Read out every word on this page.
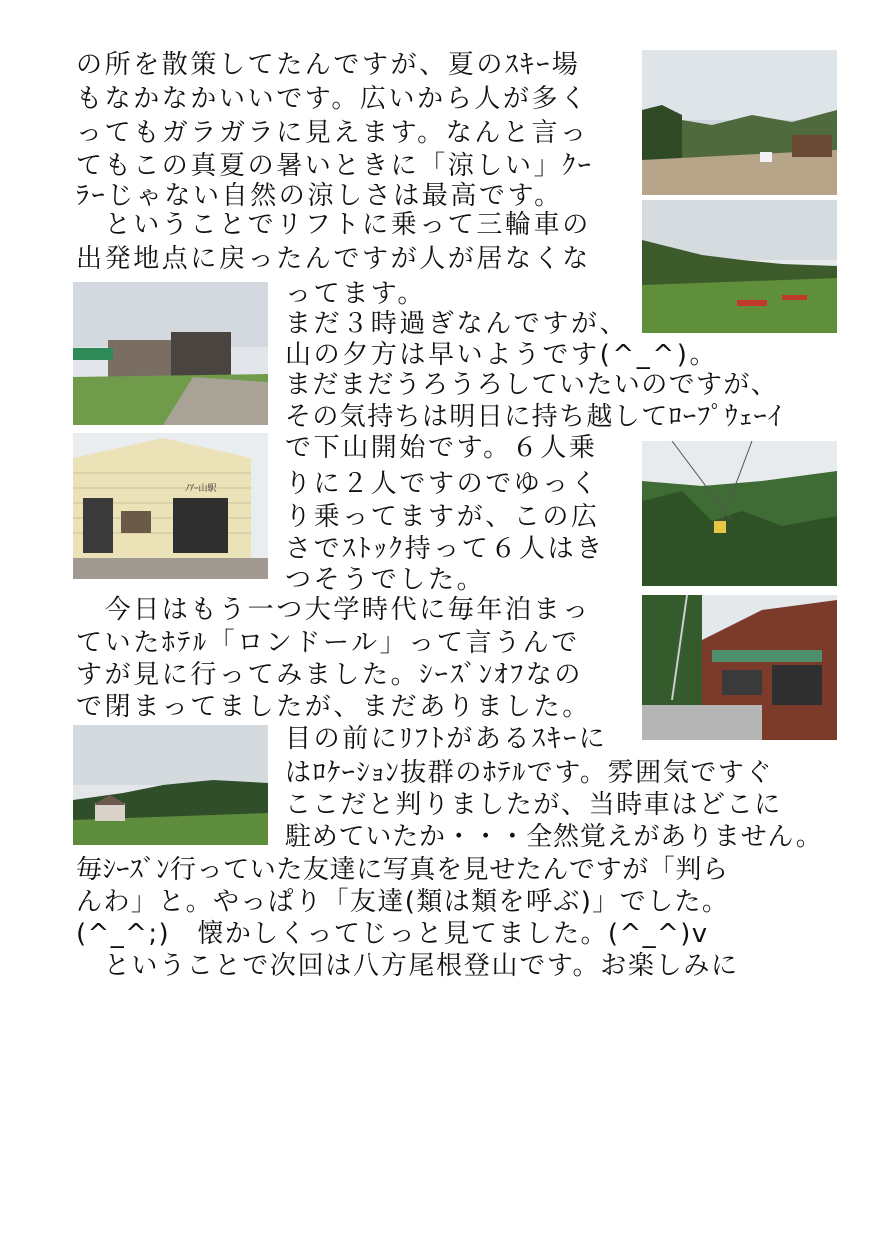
の所を散策してたんですが、夏のｽｷｰ場
もなかなかいいです。広いから人が多く
ってもガラガラに見えます。なんと言っ
てもこの真夏の暑いときに「涼しい」ｸｰ
ﾗｰじゃない自然の涼しさは最高です。
　ということでリフトに乗って三輪車の
出発地点に戻ったんですが人が居なくな
ってます。
まだ３時過ぎなんですが、
山の夕方は早いようです(^_^)。
まだまだうろうろしていたいのですが、
その気持ちは明日に持ち越してﾛｰﾌﾟｳｪｰｲ
で下山開始です。６人乗
りに２人ですのでゆっく
り乗ってますが、この広
さでｽﾄｯｸ持って６人はき
つそうでした。
　今日はもう一つ大学時代に毎年泊まっ
ていたﾎﾃﾙ「ロンドール」って言うんで
すが見に行ってみました。ｼｰｽﾞﾝｵﾌなの
で閉まってましたが、まだありました。
目の前にﾘﾌﾄがあるｽｷｰに
はﾛｹｰｼｮﾝ抜群のﾎﾃﾙです。雰囲気ですぐ
ここだと判りましたが、当時車はどこに
駐めていたか・・・全然覚えがありません。
毎ｼｰｽﾞﾝ行っていた友達に写真を見せたんですが「判ら
んわ」と。やっぱり「友達(類は類を呼ぶ)」でした。
(^_^;)　懐かしくってじっと見てました。(^_^)v
　ということで次回は八方尾根登山です。お楽しみに
ﾉｱｰ山駅
